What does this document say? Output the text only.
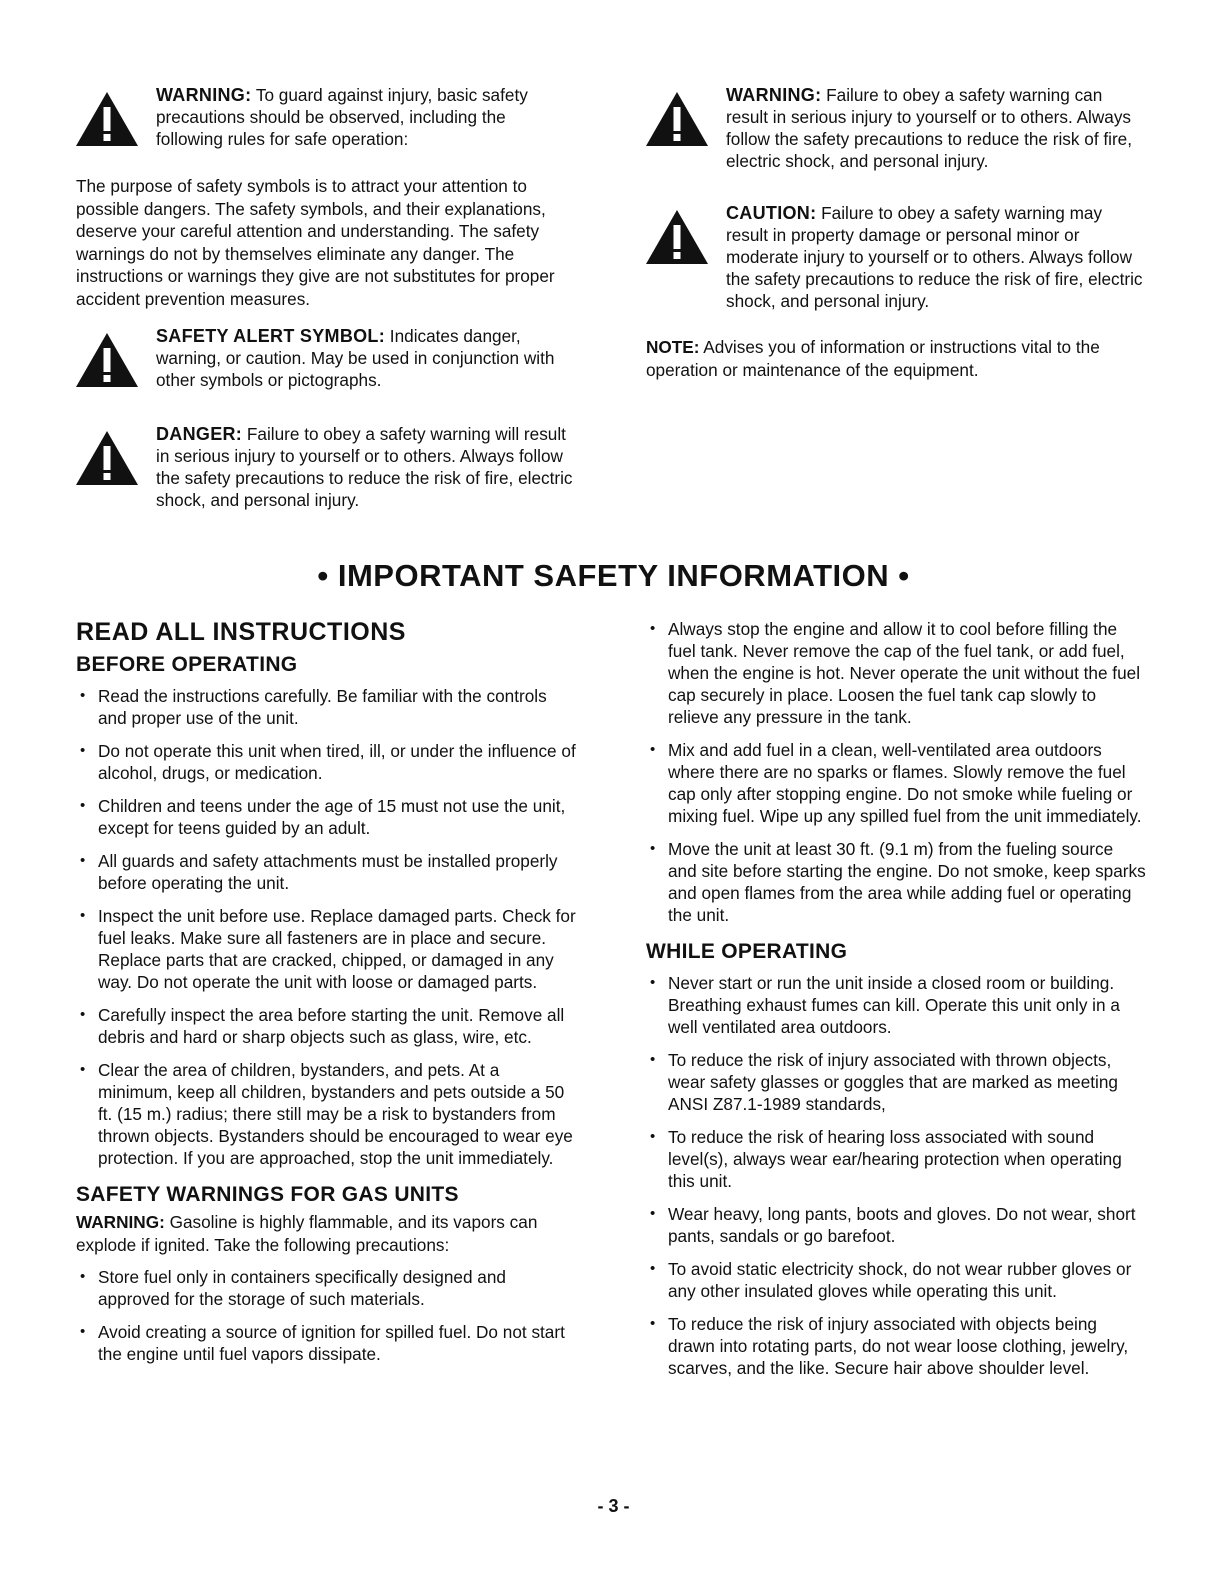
WARNING: To guard against injury, basic safety precautions should be observed, including the following rules for safe operation:

The purpose of safety symbols is to attract your attention to possible dangers. The safety symbols, and their explanations, deserve your careful attention and understanding. The safety warnings do not by themselves eliminate any danger. The instructions or warnings they give are not substitutes for proper accident prevention measures.

SAFETY ALERT SYMBOL: Indicates danger, warning, or caution. May be used in conjunction with other symbols or pictographs.
DANGER: Failure to obey a safety warning will result in serious injury to yourself or to others. Always follow the safety precautions to reduce the risk of fire, electric shock, and personal injury.
WARNING: Failure to obey a safety warning can result in serious injury to yourself or to others. Always follow the safety precautions to reduce the risk of fire, electric shock, and personal injury.
CAUTION: Failure to obey a safety warning may result in property damage or personal minor or moderate injury to yourself or to others. Always follow the safety precautions to reduce the risk of fire, electric shock, and personal injury.

NOTE: Advises you of information or instructions vital to the operation or maintenance of the equipment.

• IMPORTANT SAFETY INFORMATION •
READ ALL INSTRUCTIONS
BEFORE OPERATING
• Read the instructions carefully. Be familiar with the controls and proper use of the unit.
• Do not operate this unit when tired, ill, or under the influence of alcohol, drugs, or medication.
• Children and teens under the age of 15 must not use the unit, except for teens guided by an adult.
• All guards and safety attachments must be installed properly before operating the unit.
• Inspect the unit before use. Replace damaged parts. Check for fuel leaks. Make sure all fasteners are in place and secure. Replace parts that are cracked, chipped, or damaged in any way. Do not operate the unit with loose or damaged parts.
• Carefully inspect the area before starting the unit. Remove all debris and hard or sharp objects such as glass, wire, etc.
• Clear the area of children, bystanders, and pets. At a minimum, keep all children, bystanders and pets outside a 50 ft. (15 m.) radius; there still may be a risk to bystanders from thrown objects. Bystanders should be encouraged to wear eye protection. If you are approached, stop the unit immediately.
SAFETY WARNINGS FOR GAS UNITS

WARNING: Gasoline is highly flammable, and its vapors can explode if ignited. Take the following precautions:

• Store fuel only in containers specifically designed and approved for the storage of such materials.
• Avoid creating a source of ignition for spilled fuel. Do not start the engine until fuel vapors dissipate.
• Always stop the engine and allow it to cool before filling the fuel tank. Never remove the cap of the fuel tank, or add fuel, when the engine is hot. Never operate the unit without the fuel cap securely in place. Loosen the fuel tank cap slowly to relieve any pressure in the tank.
• Mix and add fuel in a clean, well-ventilated area outdoors where there are no sparks or flames. Slowly remove the fuel cap only after stopping engine. Do not smoke while fueling or mixing fuel. Wipe up any spilled fuel from the unit immediately.
• Move the unit at least 30 ft. (9.1 m) from the fueling source and site before starting the engine. Do not smoke, keep sparks and open flames from the area while adding fuel or operating the unit.
WHILE OPERATING
• Never start or run the unit inside a closed room or building. Breathing exhaust fumes can kill. Operate this unit only in a well ventilated area outdoors.
• To reduce the risk of injury associated with thrown objects, wear safety glasses or goggles that are marked as meeting ANSI Z87.1-1989 standards,
• To reduce the risk of hearing loss associated with sound level(s), always wear ear/hearing protection when operating this unit.
• Wear heavy, long pants, boots and gloves. Do not wear, short pants, sandals or go barefoot.
• To avoid static electricity shock, do not wear rubber gloves or any other insulated gloves while operating this unit.
• To reduce the risk of injury associated with objects being drawn into rotating parts, do not wear loose clothing, jewelry, scarves, and the like. Secure hair above shoulder level.
- 3 -
